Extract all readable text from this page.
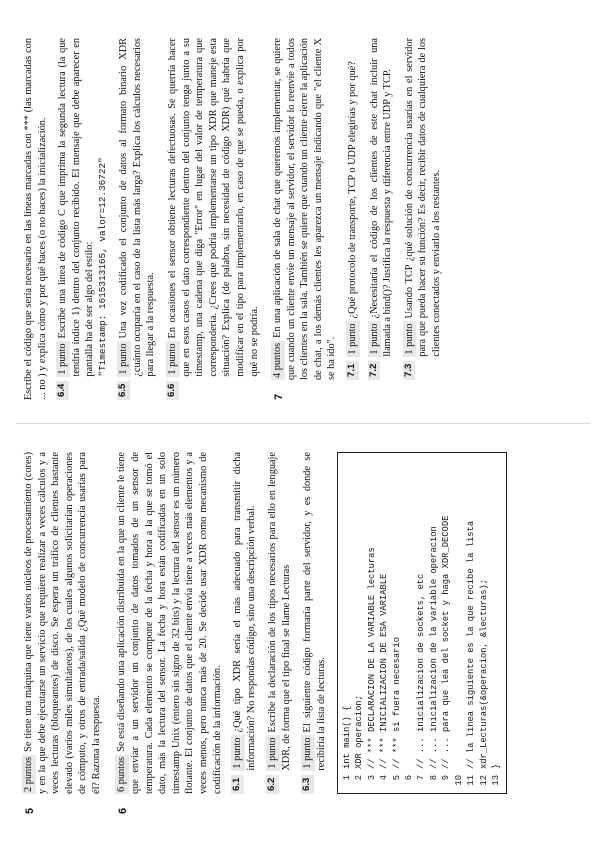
5

2 puntosSe tiene una máquina que tiene varios núcleos de procesamiento (cores) y en la que debe ejecutarse un servicio que requiere realizar a veces cálculos y a veces lecturas (bloqueantes) de disco. Se espera un tráfico de clientes bastante elevado (varios miles simultáneos), de los cuales algunos solicitarían operaciones de cómputo, y otros de entrada/salida ¿Qué modelo de concurrencia usarías para él? Razona la respuesta.

6

6 puntosSe está diseñando una aplicación distribuida en la que un cliente le tiene que enviar a un servidor un conjunto de datos tomados de un sensor de temperatura. Cada elemento se compone de la fecha y hora a la que se tomó el dato, más la lectura del sensor. La fecha y hora están codificadas en un solo timestamp Unix (entero sin signo de 32 bits) y la lectura del sensor es un número flotante. El conjunto de datos que el cliente envía tiene a veces más elementos y a veces menos, pero nunca más de 20. Se decide usar XDR como mecanismo de codificación de la información. 6.1
1 punto¿Qué tipo XDR sería el más adecuado para transmitir dicha información? No respondas código, sino una descripción verbal.
6.2
1 puntoEscribe la declaración de los tipos necesarios para ello en lenguaje XDR, de forma que el tipo final se llame Lecturas
6.3
1 puntoEl siguiente código formaría parte del servidor, y es donde se recibiría la lista de lecturas.
1
int main() {
2
XDR operacion;
3
// *** DECLARACION DE LA VARIABLE lecturas
4
// *** INICIALIZACION DE ESA VARIABLE
5
// *** si fuera necesario
6 7
// ... inicializacion de sockets, etc
8
// ... inicializacion de la variable operacion
9
// ... para que lea del socket y haga XDR_DECODE
10 11
// la linea siguiente es la que recibe la lista
12
xdr_Lecturas(&operacion, &lecturas);
13
}

Escribe el código que sería necesario en las líneas marcadas con *** (las marcadas con ... no ) y explica cómo y por qué haces (o no haces) la inicialización. 6.4
1 puntoEscribe una línea de código C que imprima la segunda lectura (la que tendría índice 1) dentro del conjunto recibido. El mensaje que debe aparecer en pantalla ha de ser algo del estilo: "Timestamp: 1615313165, valor=12.36722"
6.5
1 puntoUna vez codificado el conjunto de datos al formato binario XDR ¿cuánto ocuparía en el caso de la lista más larga? Explica los cálculos necesarios para llegar a la respuesta.
6.6
1 puntoEn ocasiones el sensor obtiene lecturas defectuosas. Se querría hacer que en esos casos el dato correspondiente dentro del conjunto tenga junto a su timestamp, una cadena que diga "Error" en lugar del valor de temperatura que corresponderia. ¿Crees que podría implementarse un tipo XDR que maneje esta situación? Explica (de palabra, sin necesidad de código XDR) qué habría que modificar en el tipo para implementarlo, en caso de que se pueda, o explica por qué no se podría.
7

4 puntosEn una aplicación de sala de chat que queremos implementar, se quiere que cuando un cliente envíe un mensaje al servidor, el servidor lo reenvíe a todos los clientes en la sala. También se quiere que cuando un cliente cierre la aplicación de chat, a los demás clientes les aparezca un mensaje indicando que "el cliente X se ha ido". 7.1
1 punto¿Qué protocolo de transporte, TCP o UDP elegirías y por qué?
7.2
1 punto¿Necesitaría el código de los clientes de este chat incluir una llamada a bind()? Justifica la respuesta y diferencia entre UDP y TCP.
7.3
1 puntoUsando TCP ¿qué solución de concurrencia usarías en el servidor para que pueda hacer su función? Es decir, recibir datos de cualquiera de los clientes conectados y enviarlo a los restantes.
